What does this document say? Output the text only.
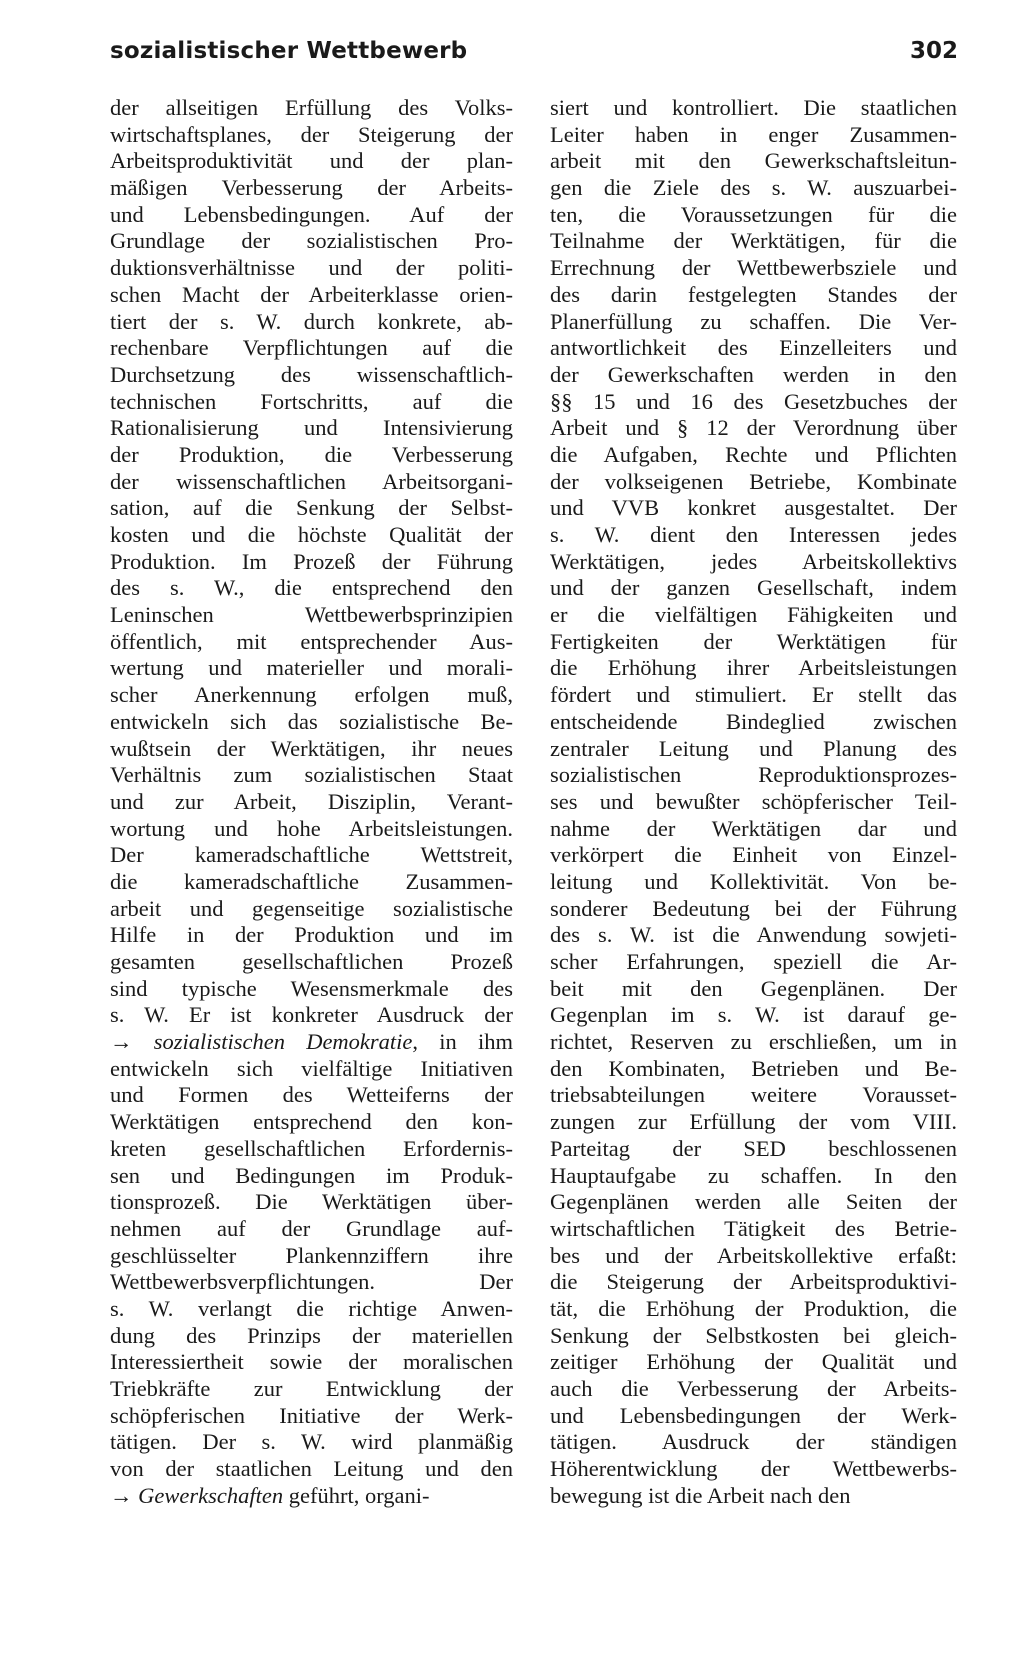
sozialistischer Wettbewerb	302
der allseitigen Erfüllung des Volks-
wirtschaftsplanes, der Steigerung der
Arbeitsproduktivität und der plan-
mäßigen Verbesserung der Arbeits-
und Lebensbedingungen. Auf der
Grundlage der sozialistischen Pro-
duktionsverhältnisse und der politi-
schen Macht der Arbeiterklasse orien-
tiert der s. W. durch konkrete, ab-
rechenbare Verpflichtungen auf die
Durchsetzung des wissenschaftlich-
technischen Fortschritts, auf die
Rationalisierung und Intensivierung
der Produktion, die Verbesserung
der wissenschaftlichen Arbeitsorgani-
sation, auf die Senkung der Selbst-
kosten und die höchste Qualität der
Produktion. Im Prozeß der Führung
des s. W., die entsprechend den
Leninschen Wettbewerbsprinzipien
öffentlich, mit entsprechender Aus-
wertung und materieller und morali-
scher Anerkennung erfolgen muß,
entwickeln sich das sozialistische Be-
wußtsein der Werktätigen, ihr neues
Verhältnis zum sozialistischen Staat
und zur Arbeit, Disziplin, Verant-
wortung und hohe Arbeitsleistungen.
Der kameradschaftliche Wettstreit,
die kameradschaftliche Zusammen-
arbeit und gegenseitige sozialistische
Hilfe in der Produktion und im
gesamten gesellschaftlichen Prozeß
sind typische Wesensmerkmale des
s. W. Er ist konkreter Ausdruck der
→ sozialistischen Demokratie, in ihm
entwickeln sich vielfältige Initiativen
und Formen des Wetteiferns der
Werktätigen entsprechend den kon-
kreten gesellschaftlichen Erfordernis-
sen und Bedingungen im Produk-
tionsprozeß. Die Werktätigen über-
nehmen auf der Grundlage auf-
geschlüsselter Plankennziffern ihre
Wettbewerbsverpflichtungen. Der
s. W. verlangt die richtige Anwen-
dung des Prinzips der materiellen
Interessiertheit sowie der moralischen
Triebkräfte zur Entwicklung der
schöpferischen Initiative der Werk-
tätigen. Der s. W. wird planmäßig
von der staatlichen Leitung und den
→ Gewerkschaften geführt, organi-
siert und kontrolliert. Die staatlichen
Leiter haben in enger Zusammen-
arbeit mit den Gewerkschaftsleitun-
gen die Ziele des s. W. auszuarbei-
ten, die Voraussetzungen für die
Teilnahme der Werktätigen, für die
Errechnung der Wettbewerbsziele und
des darin festgelegten Standes der
Planerfüllung zu schaffen. Die Ver-
antwortlichkeit des Einzelleiters und
der Gewerkschaften werden in den
§§ 15 und 16 des Gesetzbuches der
Arbeit und § 12 der Verordnung über
die Aufgaben, Rechte und Pflichten
der volkseigenen Betriebe, Kombinate
und VVB konkret ausgestaltet. Der
s. W. dient den Interessen jedes
Werktätigen, jedes Arbeitskollektivs
und der ganzen Gesellschaft, indem
er die vielfältigen Fähigkeiten und
Fertigkeiten der Werktätigen für
die Erhöhung ihrer Arbeitsleistungen
fördert und stimuliert. Er stellt das
entscheidende Bindeglied zwischen
zentraler Leitung und Planung des
sozialistischen Reproduktionsprozes-
ses und bewußter schöpferischer Teil-
nahme der Werktätigen dar und
verkörpert die Einheit von Einzel-
leitung und Kollektivität. Von be-
sonderer Bedeutung bei der Führung
des s. W. ist die Anwendung sowjeti-
scher Erfahrungen, speziell die Ar-
beit mit den Gegenplänen. Der
Gegenplan im s. W. ist darauf ge-
richtet, Reserven zu erschließen, um in
den Kombinaten, Betrieben und Be-
triebsabteilungen weitere Vorausset-
zungen zur Erfüllung der vom VIII.
Parteitag der SED beschlossenen
Hauptaufgabe zu schaffen. In den
Gegenplänen werden alle Seiten der
wirtschaftlichen Tätigkeit des Betrie-
bes und der Arbeitskollektive erfaßt:
die Steigerung der Arbeitsproduktivi-
tät, die Erhöhung der Produktion, die
Senkung der Selbstkosten bei gleich-
zeitiger Erhöhung der Qualität und
auch die Verbesserung der Arbeits-
und Lebensbedingungen der Werk-
tätigen. Ausdruck der ständigen
Höherentwicklung der Wettbewerbs-
bewegung ist die Arbeit nach den
